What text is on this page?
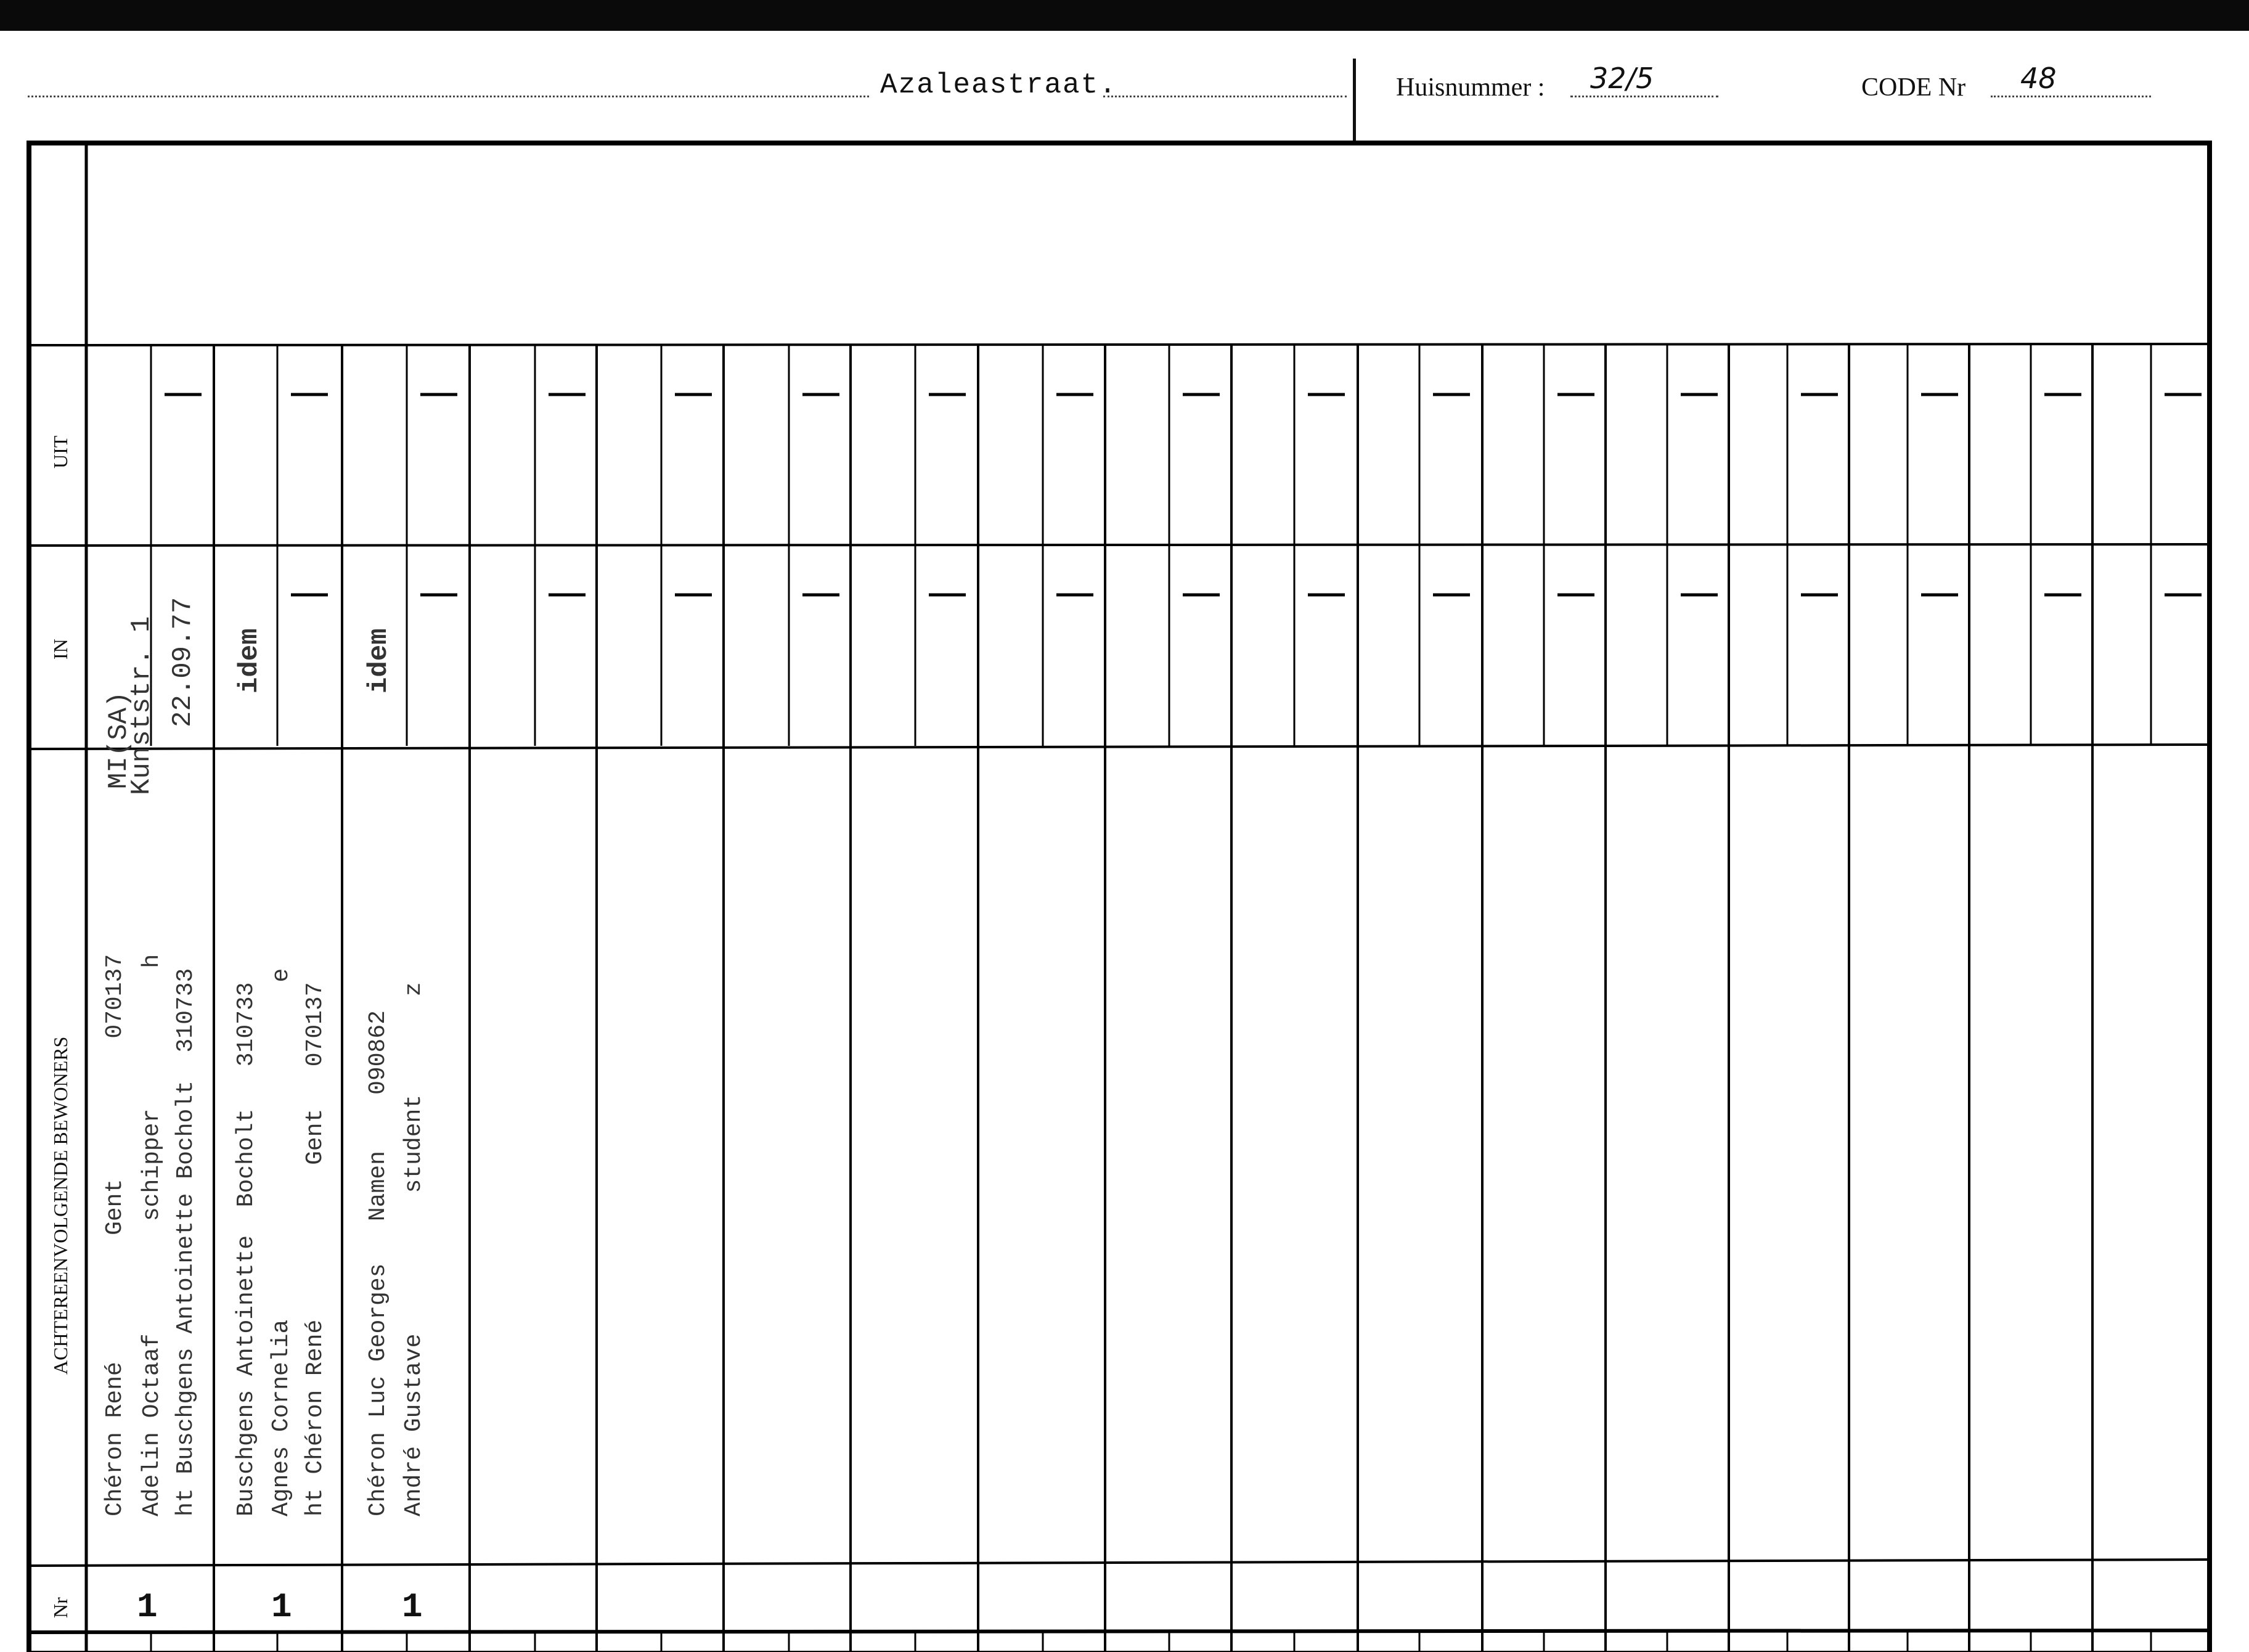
Azaleastraat.	Huisnummer : 32/5	CODE Nr 48
UIT
IN
ACHTEREENVOLGENDE BEWONERS
Nr
MI(SA)
Kunststr. 1 22.09.77
Chéron René         Gent          070137 Adelin Octaaf        schipper          h ht Buschgens Antoinette Bocholt  310733
1
idem
Buschgens Antoinette  Bocholt   310733 Agnes Cornelia                        e ht Chéron René           Gent   070137
1
idem
Chéron Luc Georges   Namen    090862 André Gustave          student       z
1
